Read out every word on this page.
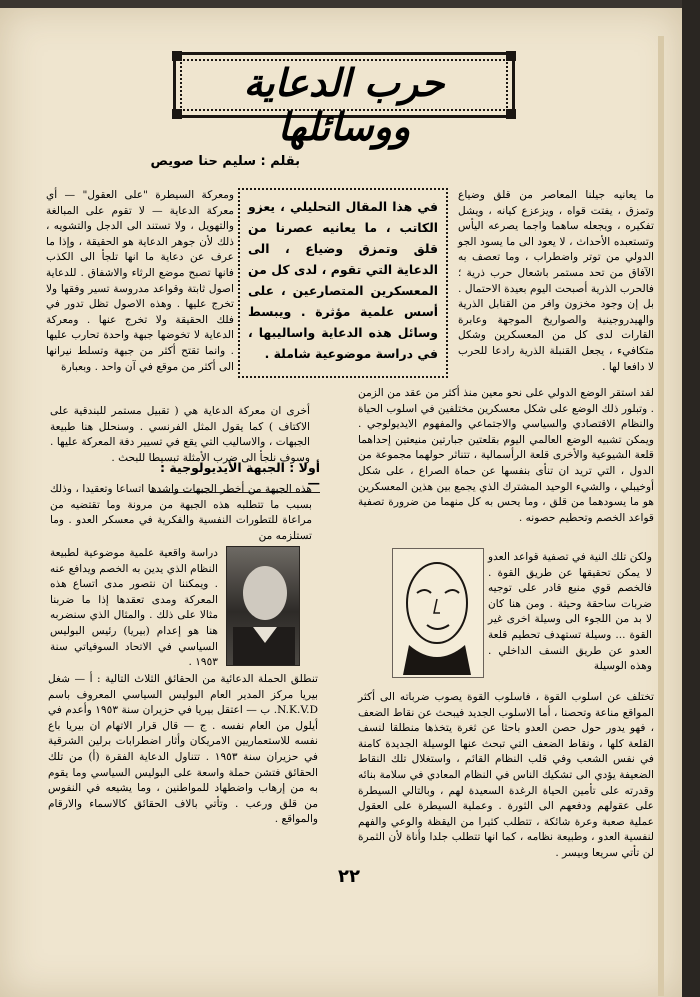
حرب الدعاية ووسائلها
بقلم : سليم حنا صويص

ما يعانيه جيلنا المعاصر من قلق وضياع وتمزق ، يفتت قواه ، ويزعزع كيانه ، ويشل تفكيره ، ويجعله ساهما واجما يصرعه اليأس وتستعبده الأحداث ، لا يعود الى ما يسود الجو الدولي من توتر واضطراب ، وما تعصف به الآفاق من تحد مستمر باشعال حرب ذرية ؛ فالحرب الذرية أصبحت اليوم بعيدة الاحتمال . بل إن وجود مخزون وافر من القنابل الذرية والهيدروجينية والصواريخ الموجهة وعابرة القارات لدى كل من المعسكرين وشكل متكافيء ، يجعل القنبلة الذرية رادعا للحرب لا دافعا لها .

في هذا المقال التحليلي ، يعزو الكاتب ، ما يعانيه عصرنا من قلق وتمزق وضياع ، الى الدعاية التي تقوم ، لدى كل من المعسكرين المتصارعين ، على أسس علمية مؤثرة . ويبسط وسائل هذه الدعاية واساليبها ، في دراسة موضوعية شاملة .

ومعركة السيطرة "على العقول" — أي معركة الدعاية — لا تقوم على المبالغة والتهويل ، ولا تستند الى الدجل والتشويه ، ذلك لأن جوهر الدعاية هو الحقيقة ، وإذا ما عرف عن دعاية ما انها تلجأ الى الكذب فانها تصبح موضع الرثاء والاشفاق . للدعاية اصول ثابتة وقواعد مدروسة تسير وفقها ولا تخرج عليها . وهذه الاصول تظل تدور في فلك الحقيقة ولا تخرج عنها . ومعركة الدعاية لا تخوضها جبهة واحدة تحارب عليها . وانما تقتح أكثر من جبهة وتسلط نيرانها الى أكثر من موقع في آن واحد . وبعبارة

لقد استقر الوضع الدولي على نحو معين منذ أكثر من عقد من الزمن . وتبلور ذلك الوضع على شكل معسكرين مختلفين في اسلوب الحياة والنظام الاقتصادي والسياسي والاجتماعي والمفهوم الايديولوجي . ويمكن تشبيه الوضع العالمي اليوم بقلعتين جبارتين منيعتين إحداهما قلعة الشيوعية والأخرى قلعة الرأسمالية ، تتناثر حولهما مجموعة من الدول ، التي تريد ان تنأى بنفسها عن حماة الصراع ، على شكل أوخيبلي ، والشيء الوحيد المشترك الذي يجمع بين هذين المعسكرين هو ما يسودهما من قلق ، وما يحس به كل منهما من ضرورة تصفية قواعد الخصم وتحطيم حصونه .

أخرى ان معركة الدعاية هي ( تقبيل مستمر للبندقية على الاكتاف ) كما يقول المثل الفرنسي . وسنحلل هنا طبيعة الجبهات ، والاساليب التي يقع في تسيير دفة المعركة عليها . وسوف نلجأ الى ضرب الأمثلة تبسيطا للبحث .

أولا : الجبهة الأيديولوجية : —

هذه الجبهة من أخطر الجبهات واشدها اتساعا وتعقيدا ، وذلك بسبب ما تتطلبه هذه الجبهة من مرونة وما تقتضيه من مراعاة للتطورات النفسية والفكرية في معسكر العدو . وما تستلزمه من

دراسة واقعية علمية موضوعية لطبيعة النظام الذي يدين به الخصم ويدافع عنه . ويمكننا ان نتصور مدى اتساع هذه المعركة ومدى تعقدها إذا ما ضربنا مثالا على ذلك . والمثال الذي سنضربه هنا هو إعدام (بيريا) رئيس البوليس السياسي في الاتحاد السوفياتي سنة ١٩٥٣ .

تنطلق الحملة الدعائية من الحقائق الثلاث التالية : أ — شغل بيريا مركز المدير العام البوليس السياسي المعروف باسم N.K.V.D. ب — اعتقل بيريا في حزيران سنة ١٩٥٣ وأعدم في أيلول من العام نفسه . ج — قال قرار الاتهام ان بيريا باع نفسه للاستعماريين الامريكان وأثار اضطرابات برلين الشرقية في حزيران سنة ١٩٥٣ . تتناول الدعاية الفقرة (أ) من تلك الحقائق فتشن حملة واسعة على البوليس السياسي وما يقوم به من إرهاب واضطهاد للمواطنين ، وما يشيعه في النفوس من قلق ورعب . وتأتي بالاف الحقائق كالاسماء والارقام والمواقع .

ولكن تلك النية في تصفية قواعد العدو لا يمكن تحقيقها عن طريق القوة . فالخصم قوي منيع قادر على توجيه ضربات ساحقة وحيثة . ومن هنا كان لا بد من اللجوء الى وسيلة اخرى غير القوة ... وسيلة تستهدف تحطيم قلعة العدو عن طريق النسف الداخلي . وهذه الوسيلة

تختلف عن اسلوب القوة ، فاسلوب القوة يصوب ضرباته الى أكثر المواقع مناعة وتحصنا ، أما الاسلوب الجديد فيبحث عن نقاط الضعف ، فهو يدور حول حصن العدو باحثا عن ثغرة يتخذها منطلقا لنسف القلعة كلها ، ونقاط الضعف التي تبحث عنها الوسيلة الجديدة كامنة في نفس الشعب وفي قلب النظام القائم ، واستغلال تلك النقاط الضعيفة يؤدي الى تشكيك الناس في النظام المعادي في سلامة بنائه وقدرته على تأمين الحياة الرغدة السعيدة لهم ، وبالتالي السيطرة على عقولهم ودفعهم الى الثورة . وعملية السيطرة على العقول عملية صعبة وعرة شائكة ، تتطلب كثيرا من اليقظة والوعي والفهم لنفسية العدو ، وطبيعة نظامه ، كما انها تتطلب جلدا وأناة لأن الثمرة لن تأتي سريعا وبيسر .

٢٢
